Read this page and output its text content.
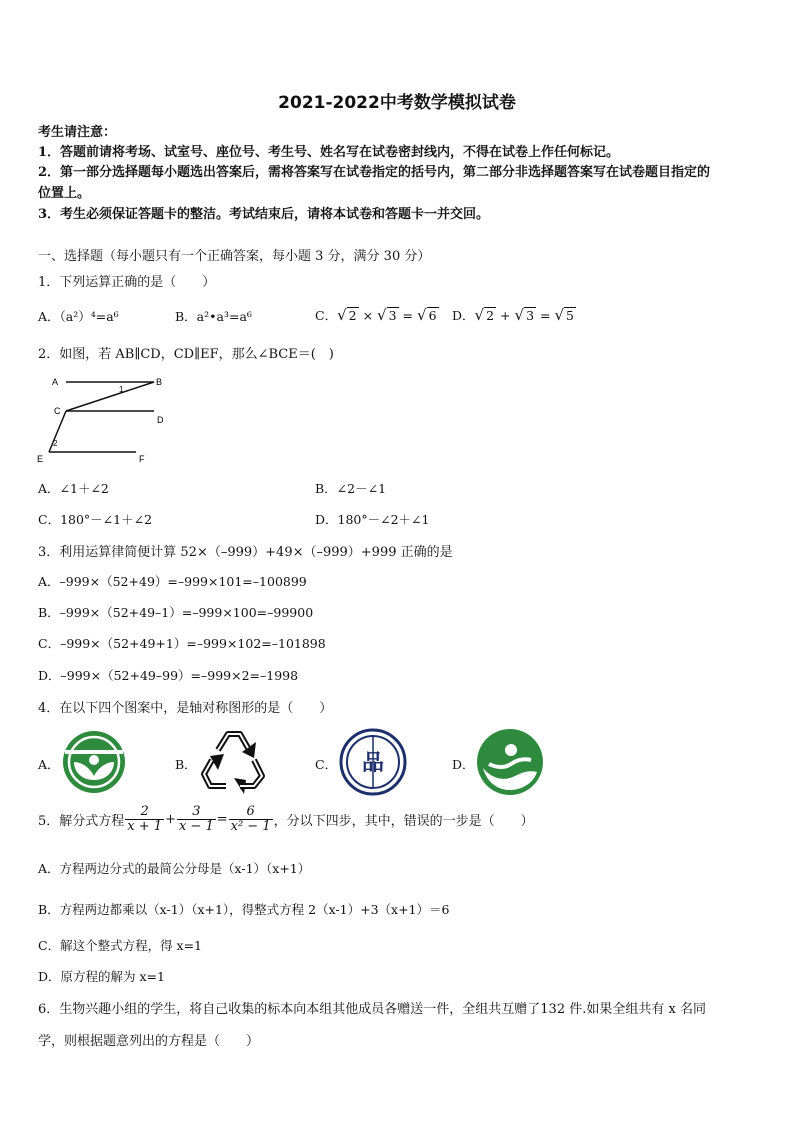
2021-2022中考数学模拟试卷
考生请注意：
1．答题前请将考场、试室号、座位号、考生号、姓名写在试卷密封线内，不得在试卷上作任何标记。
2．第一部分选择题每小题选出答案后，需将答案写在试卷指定的括号内，第二部分非选择题答案写在试卷题目指定的
位置上。
3．考生必须保证答题卡的整洁。考试结束后，请将本试卷和答题卡一并交回。
一、选择题（每小题只有一个正确答案，每小题 3 分，满分 30 分）
1．下列运算正确的是（　　）
A．（a²）⁴=a⁶	B．a²•a³=a⁶	C．√ 2 × √ 3 = √ 6 D．√ 2 + √ 3 = √ 5
2．如图，若 AB∥CD，CD∥EF，那么∠BCE＝(　)
A	B
C
D
E	F
1
2
A．∠1＋∠2	B．∠2－∠1
C．180°－∠1＋∠2	D．180°－∠2＋∠1
3．利用运算律简便计算 52×（–999）+49×（–999）+999 正确的是
A．–999×（52+49）=–999×101=–100899
B．–999×（52+49–1）=–999×100=–99900
C．–999×（52+49+1）=–999×102=–101898
D．–999×（52+49–99）=–999×2=–1998
4．在以下四个图案中，是轴对称图形的是（　　）
A．	B．	C． 品	D．
5．解分式方程 $\frac{2}{x + 1} + \frac{3}{x - 1} = \frac{6}{\text{x² − 1}}$ ，分以下四步，其中，错误的一步是（　　）
A．方程两边分式的最简公分母是（x-1）（x+1）
B．方程两边都乘以（x-1）（x+1），得整式方程 2（x-1）+3（x+1）＝6
C．解这个整式方程，得 x=1
D．原方程的解为 x=1
6．生物兴趣小组的学生，将自己收集的标本向本组其他成员各赠送一件，全组共互赠了132 件.如果全组共有 x 名同
学，则根据题意列出的方程是（　　）
